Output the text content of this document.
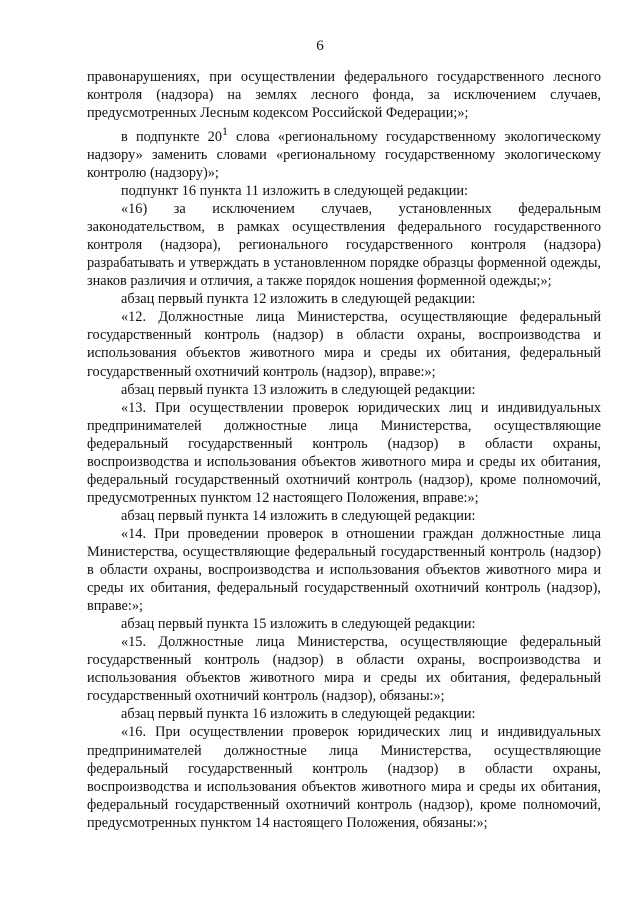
6

правонарушениях, при осуществлении федерального государственного лесного контроля (надзора) на землях лесного фонда, за исключением случаев, предусмотренных Лесным кодексом Российской Федерации;»;

в подпункте $20^1$ слова «региональному государственному экологическому надзору» заменить словами «региональному государственному экологическому контролю (надзору)»;

подпункт 16 пункта 11 изложить в следующей редакции:

«16) за исключением случаев, установленных федеральным законодательством, в рамках осуществления федерального государственного контроля (надзора), регионального государственного контроля (надзора) разрабатывать и утверждать в установленном порядке образцы форменной одежды, знаков различия и отличия, а также порядок ношения форменной одежды;»;

абзац первый пункта 12 изложить в следующей редакции:

«12. Должностные лица Министерства, осуществляющие федеральный государственный контроль (надзор) в области охраны, воспроизводства и использования объектов животного мира и среды их обитания, федеральный государственный охотничий контроль (надзор), вправе:»;

абзац первый пункта 13 изложить в следующей редакции:

«13. При осуществлении проверок юридических лиц и индивидуальных предпринимателей должностные лица Министерства, осуществляющие федеральный государственный контроль (надзор) в области охраны, воспроизводства и использования объектов животного мира и среды их обитания, федеральный государственный охотничий контроль (надзор), кроме полномочий, предусмотренных пунктом 12 настоящего Положения, вправе:»;

абзац первый пункта 14 изложить в следующей редакции:

«14. При проведении проверок в отношении граждан должностные лица Министерства, осуществляющие федеральный государственный контроль (надзор) в области охраны, воспроизводства и использования объектов животного мира и среды их обитания, федеральный государственный охотничий контроль (надзор), вправе:»;

абзац первый пункта 15 изложить в следующей редакции:

«15. Должностные лица Министерства, осуществляющие федеральный государственный контроль (надзор) в области охраны, воспроизводства и использования объектов животного мира и среды их обитания, федеральный государственный охотничий контроль (надзор), обязаны:»;

абзац первый пункта 16 изложить в следующей редакции:

«16. При осуществлении проверок юридических лиц и индивидуальных предпринимателей должностные лица Министерства, осуществляющие федеральный государственный контроль (надзор) в области охраны, воспроизводства и использования объектов животного мира и среды их обитания, федеральный государственный охотничий контроль (надзор), кроме полномочий, предусмотренных пунктом 14 настоящего Положения, обязаны:»;
